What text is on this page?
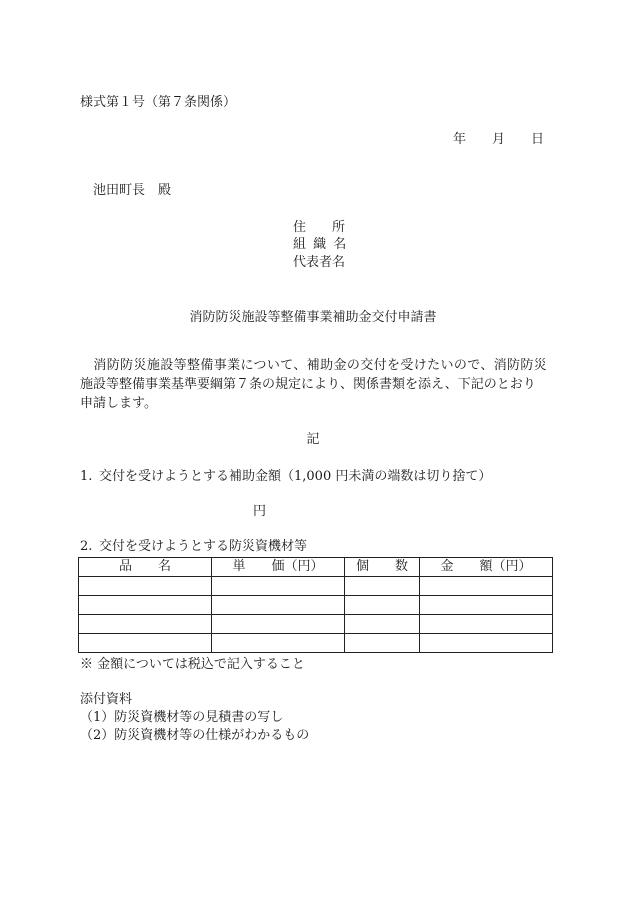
様式第１号（第７条関係）
年　　月　　日
池田町長　殿
住　　所
組 織 名
代表者名
消防防災施設等整備事業補助金交付申請書
　消防防災施設等整備事業について、補助金の交付を受けたいので、消防防災
施設等整備事業基準要綱第７条の規定により、関係書類を添え、下記のとおり
申請します。
記
1. 交付を受けようとする補助金額（1,000 円未満の端数は切り捨て）
円
2. 交付を受けようとする防災資機材等
品　　名	単　　価（円）	個　　数	金　　額（円）

※ 金額については税込で記入すること
添付資料
（1）防災資機材等の見積書の写し
（2）防災資機材等の仕様がわかるもの
